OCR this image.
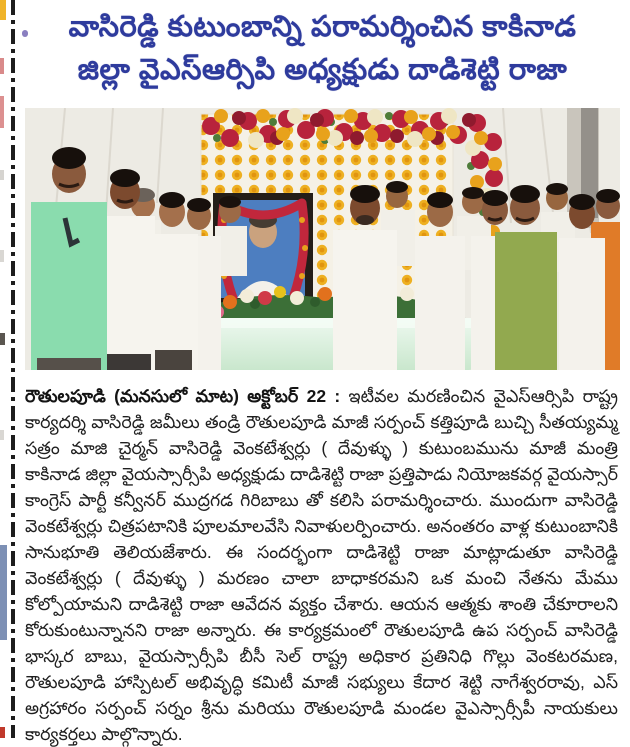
వాసిరెడ్డి కుటుంబాన్ని పరామర్శించిన కాకినాడ
జిల్లా వైఎస్ఆర్సిపి అధ్యక్షుడు దాడిశెట్టి రాజా

రౌతులపూడి (మనసులో మాట) అక్టోబర్ 22 : ఇటీవల మరణించిన వైఎస్ఆర్సిపి రాష్ట్ర కార్యదర్శి వాసిరెడ్డి జమీలు తండ్రి రౌతులపూడి మాజీ సర్పంచ్ కత్తిపూడి బుచ్చి సీతయ్యమ్మ సత్రం మాజి చైర్మన్ వాసిరెడ్డి వెంకటేశ్వర్లు ( దేవుళ్ళు ) కుటుంబమును మాజీ మంత్రి కాకినాడ జిల్లా వైయస్సార్సీపి అధ్యక్షుడు దాడిశెట్టి రాజా ప్రత్తిపాడు నియోజకవర్గ వైయస్సార్ కాంగ్రెస్ పార్టీ కన్వీనర్ ముద్రగడ గిరిబాబు తో కలిసి పరామర్శించారు. ముందుగా వాసిరెడ్డి వెంకటేశ్వర్లు చిత్రపటానికి పూలమాలవేసి నివాళులర్పించారు. అనంతరం వాళ్ల కుటుంబానికి సానుభూతి తెలియజేశారు. ఈ సందర్భంగా దాడిశెట్టి రాజా మాట్లాడుతూ వాసిరెడ్డి వెంకటేశ్వర్లు ( దేవుళ్ళు ) మరణం చాలా బాధాకరమని ఒక మంచి నేతను మేము కోల్పోయామని దాడిశెట్టి రాజా ఆవేదన వ్యక్తం చేశారు. ఆయన ఆత్మకు శాంతి చేకూరాలని కోరుకుంటున్నానని రాజా అన్నారు. ఈ కార్యక్రమంలో రౌతులపూడి ఉప సర్పంచ్ వాసిరెడ్డి భాస్కర బాబు, వైయస్సార్సీపి బీసీ సెల్ రాష్ట్ర అధికార ప్రతినిధి గొల్లు వెంకటరమణ, రౌతులపూడి హాస్పిటల్ అభివృద్ధి కమిటీ మాజీ సభ్యులు కేదార శెట్టి నాగేశ్వరరావు, ఎస్ అగ్రహారం సర్పంచ్ సర్నం శ్రీను మరియు రౌతులపూడి మండల వైఎస్సార్సీపీ నాయకులు కార్యకర్తలు పాల్గొన్నారు.
